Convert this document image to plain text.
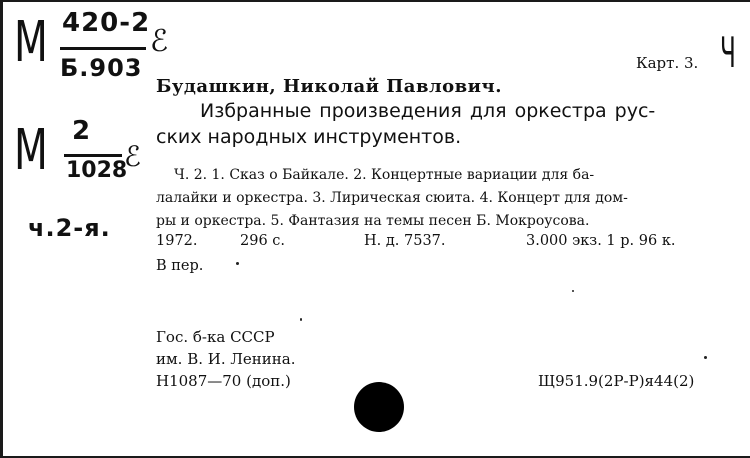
M 420-2
Б.903
ℰ
M 2
1028
ℰ
ч.2-я.
Ч
Карт. 3.
Будашкин, Николай Павлович.
Избранные произведения для оркестра рус-
ских народных инструментов.
Ч. 2. 1. Сказ о Байкале. 2. Концертные вариации для ба-
лалайки и оркестра. 3. Лирическая сюита. 4. Концерт для дом-
ры и оркестра. 5. Фантазия на темы песен Б. Мокроусова.
1972.	296 с.	Н. д. 7537.	3.000 экз. 1 р. 96 к.
В пер.
Гос. б-ка СССР
им. В. И. Ленина.
Н1087—70 (доп.)	Щ951.9(2Р-Р)я44(2)
